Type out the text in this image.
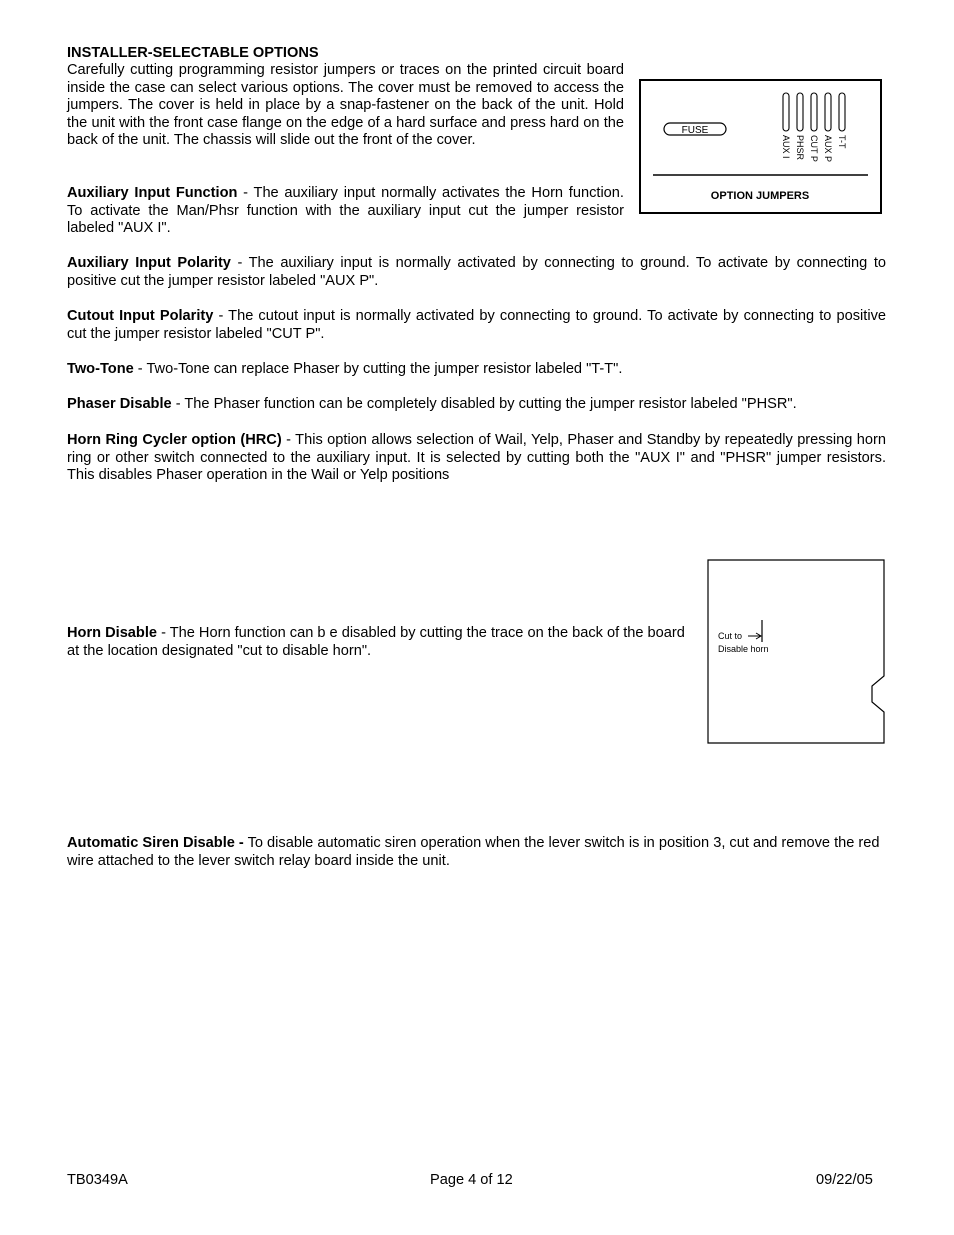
INSTALLER-SELECTABLE OPTIONS

Carefully cutting programming resistor jumpers or traces on the printed circuit board inside the case can select various options. The cover must be removed to access the jumpers. The cover is held in place by a snap-fastener on the back of the unit. Hold the unit with the front case flange on the edge of a hard surface and press hard on the back of the unit. The chassis will slide out the front of the cover.

Auxiliary Input Function - The auxiliary input normally activates the Horn function. To activate the Man/Phsr function with the auxiliary input cut the jumper resistor labeled "AUX I".

FUSE
AUX I PHSR CUT P AUX P T-T
OPTION JUMPERS

Auxiliary Input Polarity - The auxiliary input is normally activated by connecting to ground. To activate by connecting to positive cut the jumper resistor labeled "AUX P".

Cutout Input Polarity - The cutout input is normally activated by connecting to ground. To activate by connecting to positive cut the jumper resistor labeled "CUT P".

Two-Tone - Two-Tone can replace Phaser by cutting the jumper resistor labeled "T-T".

Phaser Disable - The Phaser function can be completely disabled by cutting the jumper resistor labeled "PHSR".

Horn Ring Cycler option (HRC) - This option allows selection of Wail, Yelp, Phaser and Standby by repeatedly pressing horn ring or other switch connected to the auxiliary input. It is selected by cutting both the "AUX I" and "PHSR" jumper resistors. This disables Phaser operation in the Wail or Yelp positions

Horn Disable - The Horn function can b e disabled by cutting the trace on the back of the board at the location designated "cut to disable horn".

Cut to
Disable horn

Automatic Siren Disable - To disable automatic siren operation when the lever switch is in position 3, cut and remove the red wire attached to the lever switch relay board inside the unit.

TB0349A	Page 4 of 12	09/22/05
